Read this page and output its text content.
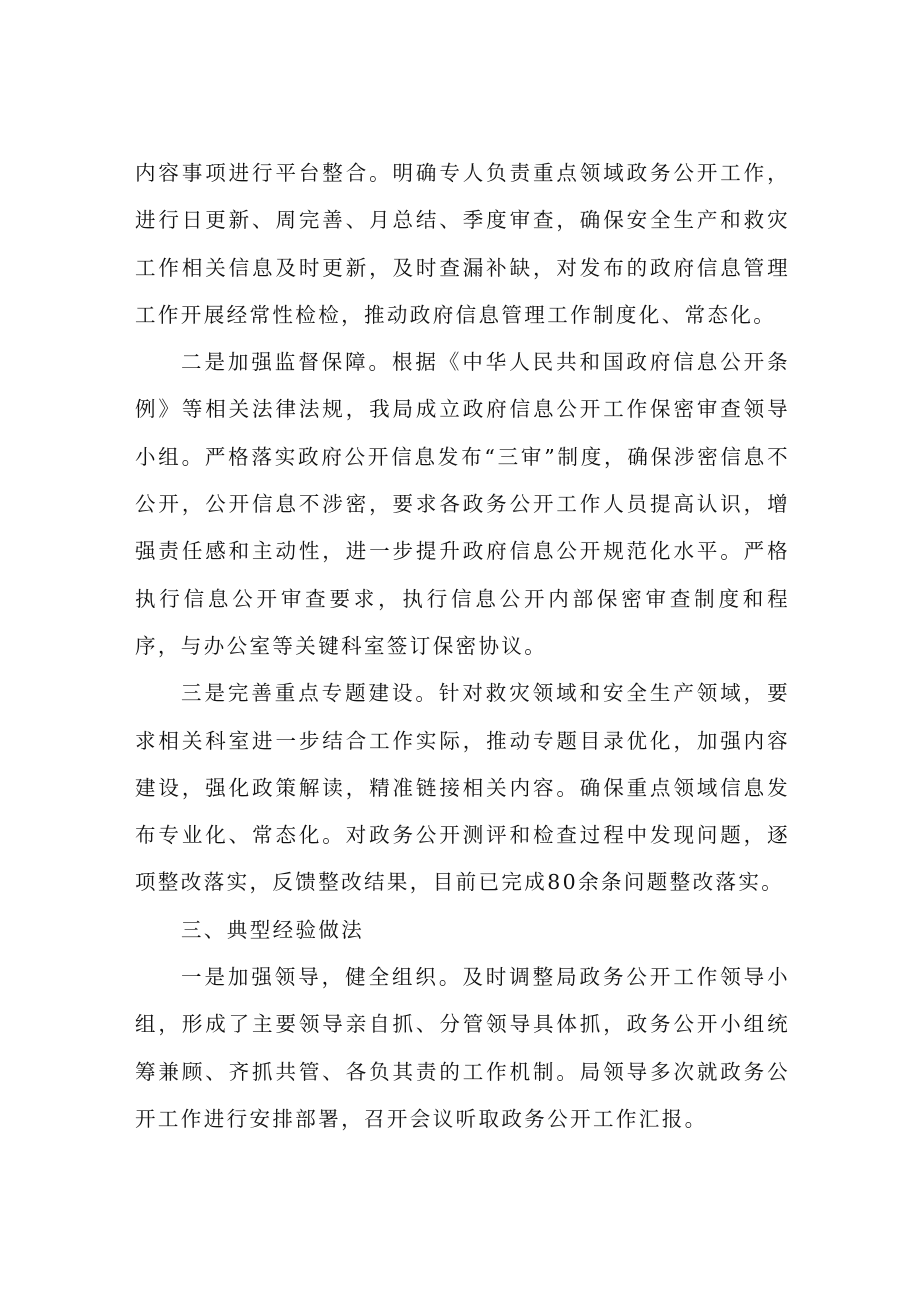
内容事项进行平台整合。明确专人负责重点领域政务公开工作，进行日更新、周完善、月总结、季度审查，确保安全生产和救灾工作相关信息及时更新，及时查漏补缺，对发布的政府信息管理工作开展经常性检检，推动政府信息管理工作制度化、常态化。

二是加强监督保障。根据《中华人民共和国政府信息公开条例》等相关法律法规，我局成立政府信息公开工作保密审查领导小组。严格落实政府公开信息发布“三审”制度，确保涉密信息不公开，公开信息不涉密，要求各政务公开工作人员提高认识，增强责任感和主动性，进一步提升政府信息公开规范化水平。严格执行信息公开审查要求，执行信息公开内部保密审查制度和程序，与办公室等关键科室签订保密协议。

三是完善重点专题建设。针对救灾领域和安全生产领域，要求相关科室进一步结合工作实际，推动专题目录优化，加强内容建设，强化政策解读，精准链接相关内容。确保重点领域信息发布专业化、常态化。对政务公开测评和检查过程中发现问题，逐项整改落实，反馈整改结果，目前已完成80余条问题整改落实。

三、典型经验做法

一是加强领导，健全组织。及时调整局政务公开工作领导小组，形成了主要领导亲自抓、分管领导具体抓，政务公开小组统筹兼顾、齐抓共管、各负其责的工作机制。局领导多次就政务公开工作进行安排部署，召开会议听取政务公开工作汇报。
